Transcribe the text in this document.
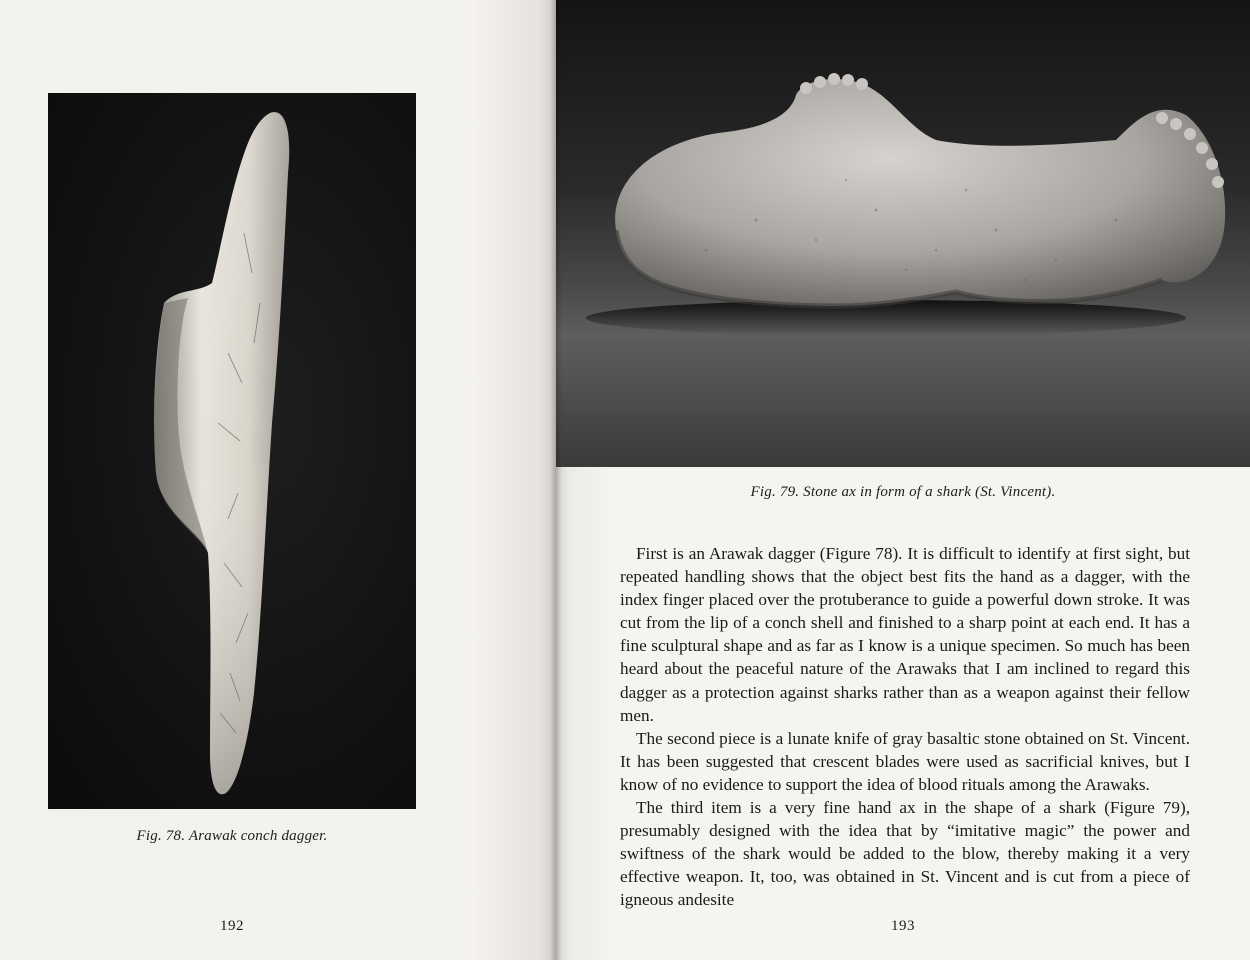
Fig. 78. Arawak conch dagger.
192
Fig. 79. Stone ax in form of a shark (St. Vincent).

First is an Arawak dagger (Figure 78). It is difficult to identify at first sight, but repeated handling shows that the object best fits the hand as a dagger, with the index finger placed over the protuberance to guide a powerful down stroke. It was cut from the lip of a conch shell and finished to a sharp point at each end. It has a fine sculptural shape and as far as I know is a unique specimen. So much has been heard about the peaceful nature of the Arawaks that I am inclined to regard this dagger as a protection against sharks rather than as a weapon against their fellow men.

The second piece is a lunate knife of gray basaltic stone obtained on St. Vincent. It has been suggested that crescent blades were used as sacrificial knives, but I know of no evidence to support the idea of blood rituals among the Arawaks.

The third item is a very fine hand ax in the shape of a shark (Figure 79), presumably designed with the idea that by “imitative magic” the power and swiftness of the shark would be added to the blow, thereby making it a very effective weapon. It, too, was obtained in St. Vincent and is cut from a piece of igneous andesite

193
